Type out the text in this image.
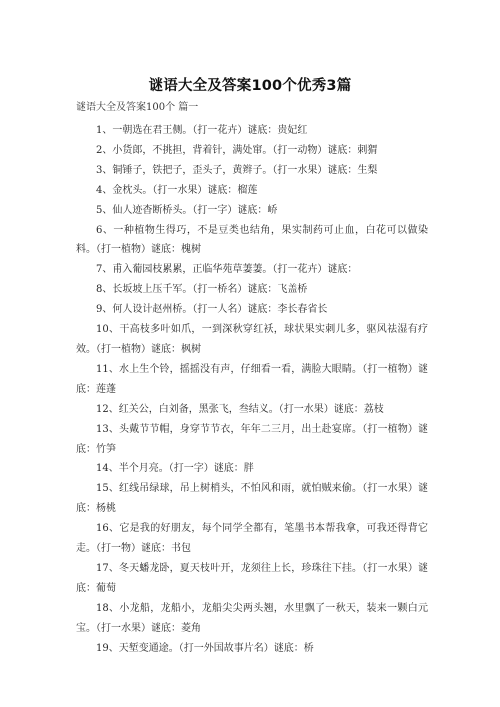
谜语大全及答案100个优秀3篇
谜语大全及答案100个 篇一
1、一朝选在君王侧。（打一花卉）谜底：贵妃红
2、小货郎，不挑担，背着针，满处窜。（打一动物）谜底：刺猬
3、铜锤子，铁把子，歪头子，黄辫子。（打一水果）谜底：生梨
4、金枕头。（打一水果）谜底：榴莲
5、仙人迹杳断桥头。（打一字）谜底：峤
6、一种植物生得巧，不是豆类也结角，果实制药可止血，白花可以做染料。（打一植物）谜底：槐树
7、甫入葡园枝累累，正临华苑草萋萋。（打一花卉）谜底：
8、长坂坡上压千军。（打一桥名）谜底：飞盖桥
9、何人设计赵州桥。（打一人名）谜底：李长春省长
10、干高枝多叶如爪，一到深秋穿红袄，球状果实刺儿多，驱风祛湿有疗效。（打一植物）谜底：枫树
11、水上生个铃，摇摇没有声，仔细看一看，满脸大眼睛。（打一植物）谜底：莲蓬
12、红关公，白刘备，黑张飞，叁结义。（打一水果）谜底：荔枝
13、头戴节节帽，身穿节节衣，年年二三月，出土赴宴席。（打一植物）谜底：竹笋
14、半个月亮。（打一字）谜底：胖
15、红线吊绿球，吊上树梢头，不怕风和雨，就怕贼来偷。（打一水果）谜底：杨桃
16、它是我的好朋友，每个同学全都有，笔墨书本帮我拿，可我还得背它走。（打一物）谜底：书包
17、冬天蟠龙卧，夏天枝叶开，龙须往上长，珍珠往下挂。（打一水果）谜底：葡萄
18、小龙船，龙船小，龙船尖尖两头翘，水里飘了一秋天，装来一颗白元宝。（打一水果）谜底：菱角
19、天堑变通途。（打一外国故事片名）谜底：桥
